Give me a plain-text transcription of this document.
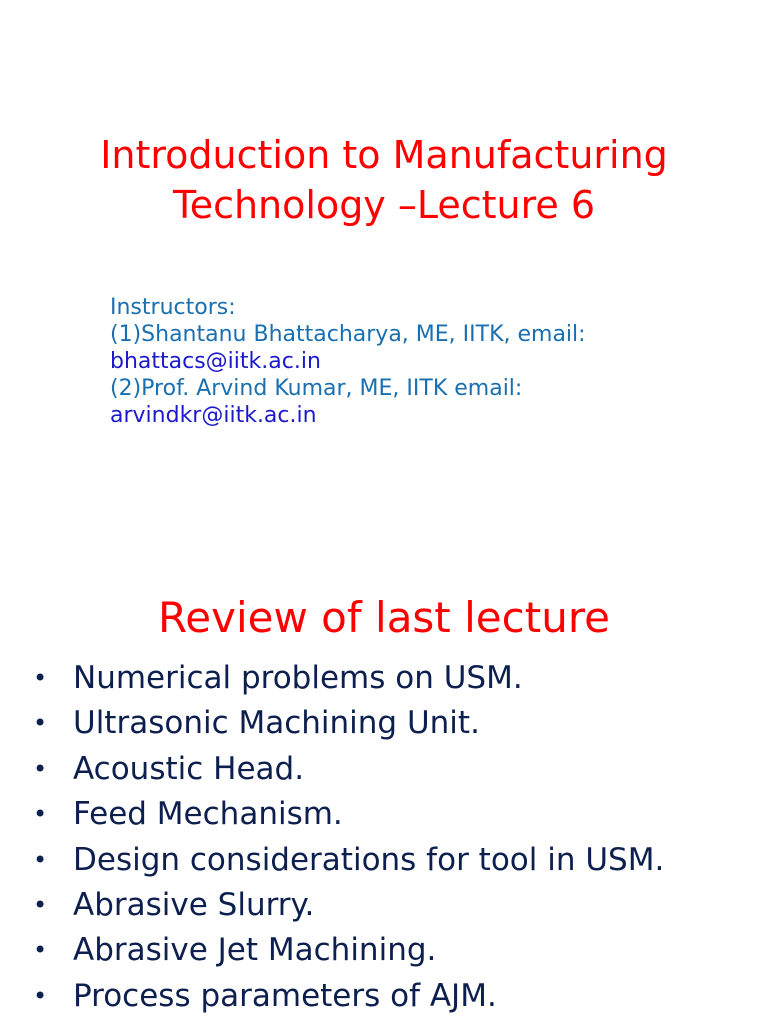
Introduction to Manufacturing
Technology –Lecture 6
Instructors:
(1)Shantanu Bhattacharya, ME, IITK, email:
bhattacs@iitk.ac.in
(2)Prof. Arvind Kumar, ME, IITK email:
arvindkr@iitk.ac.in
Review of last lecture
• Numerical problems on USM.
• Ultrasonic Machining Unit.
• Acoustic Head.
• Feed Mechanism.
• Design considerations for tool in USM.
• Abrasive Slurry.
• Abrasive Jet Machining.
• Process parameters of AJM.
